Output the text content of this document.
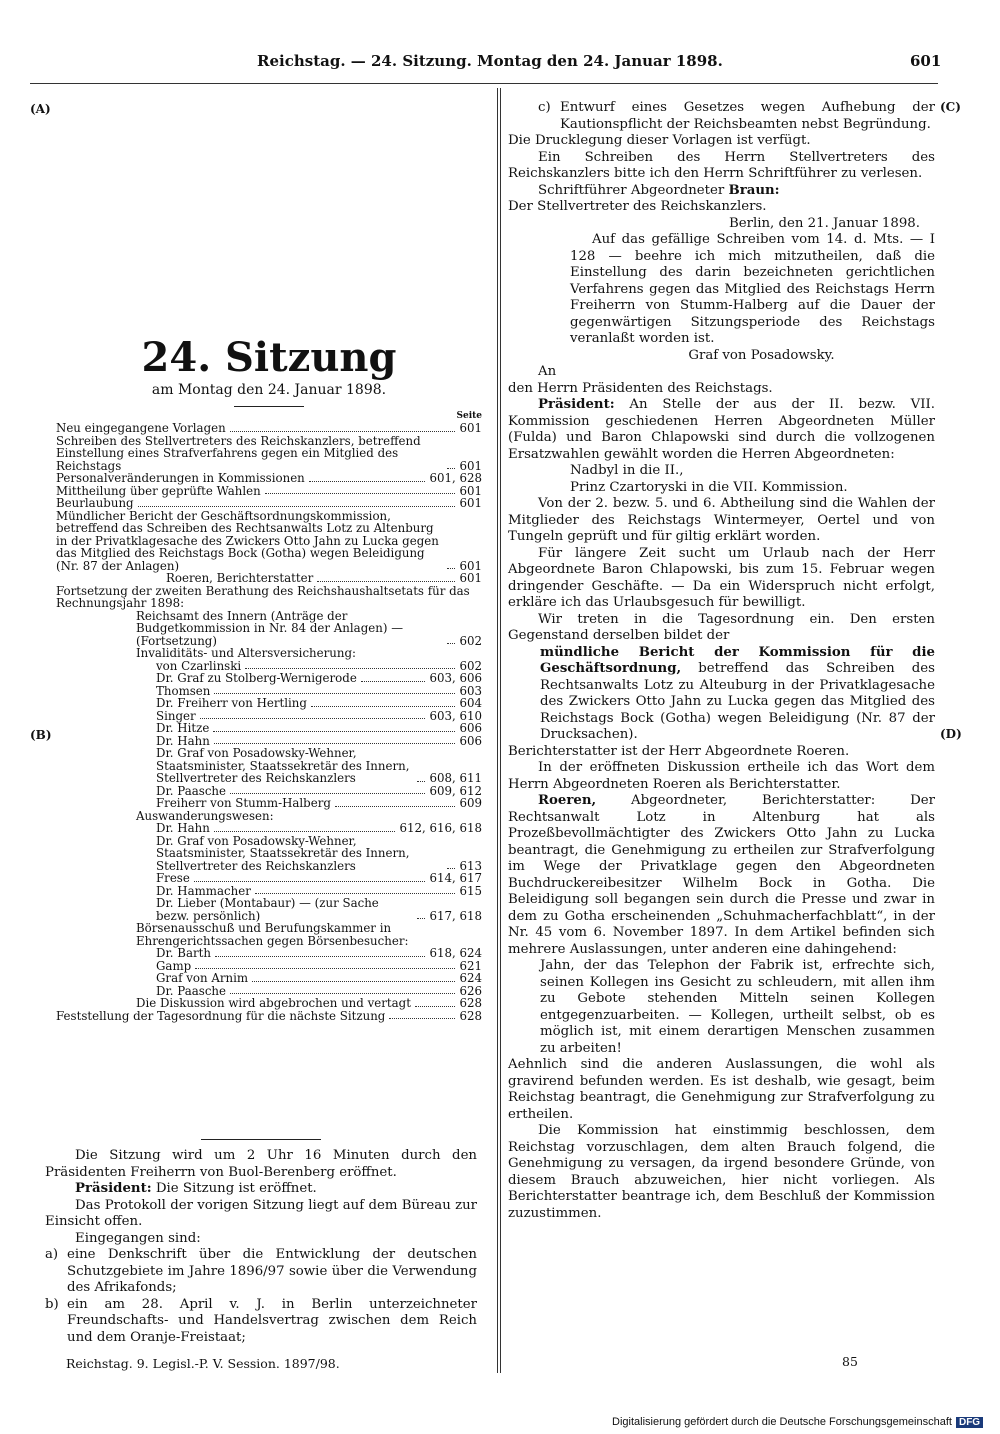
Reichstag. — 24. Sitzung. Montag den 24. Januar 1898.	601
(A)
(B)
(C)
(D)
24. Sitzung
am Montag den 24. Januar 1898.
Seite
Neu eingegangene Vorlagen	601
Schreiben des Stellvertreters des Reichskanzlers, betreffend Einstellung eines Strafverfahrens gegen ein Mitglied des Reichstags	601
Personalveränderungen in Kommissionen	601, 628
Mittheilung über geprüfte Wahlen	601
Beurlaubung	601
Mündlicher Bericht der Geschäftsordnungskommission, betreffend das Schreiben des Rechtsanwalts Lotz zu Altenburg in der Privatklagesache des Zwickers Otto Jahn zu Lucka gegen das Mitglied des Reichstags Bock (Gotha) wegen Beleidigung (Nr. 87 der Anlagen)	601
Roeren, Berichterstatter	601
Fortsetzung der zweiten Berathung des Reichshaushaltsetats für das Rechnungsjahr 1898:
Reichsamt des Innern (Anträge der Budgetkommission in Nr. 84 der Anlagen) — (Fortsetzung)	602
Invaliditäts- und Altersversicherung:
von Czarlinski	602
Dr. Graf zu Stolberg-Wernigerode	603, 606
Thomsen	603
Dr. Freiherr von Hertling	604
Singer	603, 610
Dr. Hitze	606
Dr. Hahn	606
Dr. Graf von Posadowsky-Wehner, Staatsminister, Staatssekretär des Innern, Stellvertreter des Reichskanzlers	608, 611
Dr. Paasche	609, 612
Freiherr von Stumm-Halberg	609
Auswanderungswesen:
Dr. Hahn	612, 616, 618
Dr. Graf von Posadowsky-Wehner, Staatsminister, Staatssekretär des Innern, Stellvertreter des Reichskanzlers	613
Frese	614, 617
Dr. Hammacher	615
Dr. Lieber (Montabaur) — (zur Sache bezw. persönlich)	617, 618
Börsenausschuß und Berufungskammer in Ehrengerichtssachen gegen Börsenbesucher:
Dr. Barth	618, 624
Gamp	621
Graf von Arnim	624
Dr. Paasche	626
Die Diskussion wird abgebrochen und vertagt	628
Feststellung der Tagesordnung für die nächste Sitzung	628

Die Sitzung wird um 2 Uhr 16 Minuten durch den Präsidenten Freiherrn von Buol-Berenberg eröffnet.

Präsident: Die Sitzung ist eröffnet.

Das Protokoll der vorigen Sitzung liegt auf dem Büreau zur Einsicht offen.

Eingegangen sind:

a) eine Denkschrift über die Entwicklung der deutschen Schutzgebiete im Jahre 1896/97 sowie über die Verwendung des Afrikafonds;
b) ein am 28. April v. J. in Berlin unterzeichneter Freundschafts- und Handelsvertrag zwischen dem Reich und dem Oranje-Freistaat;
Reichstag. 9. Legisl.-P. V. Session. 1897/98.
c) Entwurf eines Gesetzes wegen Aufhebung der Kautionspflicht der Reichsbeamten nebst Begründung.

Die Drucklegung dieser Vorlagen ist verfügt.

Ein Schreiben des Herrn Stellvertreters des Reichskanzlers bitte ich den Herrn Schriftführer zu verlesen.

Schriftführer Abgeordneter Braun:

Der Stellvertreter des Reichskanzlers.

Berlin, den 21. Januar 1898.

Auf das gefällige Schreiben vom 14. d. Mts. — I 128 — beehre ich mich mitzutheilen, daß die Einstellung des darin bezeichneten gerichtlichen Verfahrens gegen das Mitglied des Reichstags Herrn Freiherrn von Stumm-Halberg auf die Dauer der gegenwärtigen Sitzungsperiode des Reichstags veranlaßt worden ist.

Graf von Posadowsky.

An

den Herrn Präsidenten des Reichstags.

Präsident: An Stelle der aus der II. bezw. VII. Kommission geschiedenen Herren Abgeordneten Müller (Fulda) und Baron Chlapowski sind durch die vollzogenen Ersatzwahlen gewählt worden die Herren Abgeordneten:

Nadbyl in die II.,

Prinz Czartoryski in die VII. Kommission.

Von der 2. bezw. 5. und 6. Abtheilung sind die Wahlen der Mitglieder des Reichstags Wintermeyer, Oertel und von Tungeln geprüft und für giltig erklärt worden.

Für längere Zeit sucht um Urlaub nach der Herr Abgeordnete Baron Chlapowski, bis zum 15. Februar wegen dringender Geschäfte. — Da ein Widerspruch nicht erfolgt, erkläre ich das Urlaubsgesuch für bewilligt.

Wir treten in die Tagesordnung ein. Den ersten Gegenstand derselben bildet der

mündliche Bericht der Kommission für die Geschäftsordnung, betreffend das Schreiben des Rechtsanwalts Lotz zu Alteuburg in der Privatklagesache des Zwickers Otto Jahn zu Lucka gegen das Mitglied des Reichstags Bock (Gotha) wegen Beleidigung (Nr. 87 der Drucksachen).

Berichterstatter ist der Herr Abgeordnete Roeren.

In der eröffneten Diskussion ertheile ich das Wort dem Herrn Abgeordneten Roeren als Berichterstatter.

Roeren, Abgeordneter, Berichterstatter: Der Rechtsanwalt Lotz in Altenburg hat als Prozeßbevollmächtigter des Zwickers Otto Jahn zu Lucka beantragt, die Genehmigung zu ertheilen zur Strafverfolgung im Wege der Privatklage gegen den Abgeordneten Buchdruckereibesitzer Wilhelm Bock in Gotha. Die Beleidigung soll begangen sein durch die Presse und zwar in dem zu Gotha erscheinenden „Schuhmacherfachblatt“, in der Nr. 45 vom 6. November 1897. In dem Artikel befinden sich mehrere Auslassungen, unter anderen eine dahingehend:

Jahn, der das Telephon der Fabrik ist, erfrechte sich, seinen Kollegen ins Gesicht zu schleudern, mit allen ihm zu Gebote stehenden Mitteln seinen Kollegen entgegenzuarbeiten. — Kollegen, urtheilt selbst, ob es möglich ist, mit einem derartigen Menschen zusammen zu arbeiten!

Aehnlich sind die anderen Auslassungen, die wohl als gravirend befunden werden. Es ist deshalb, wie gesagt, beim Reichstag beantragt, die Genehmigung zur Strafverfolgung zu ertheilen.

Die Kommission hat einstimmig beschlossen, dem Reichstag vorzuschlagen, dem alten Brauch folgend, die Genehmigung zu versagen, da irgend besondere Gründe, von diesem Brauch abzuweichen, hier nicht vorliegen. Als Berichterstatter beantrage ich, dem Beschluß der Kommission zuzustimmen.

85
Digitalisierung gefördert durch die Deutsche Forschungsgemeinschaft DFG
